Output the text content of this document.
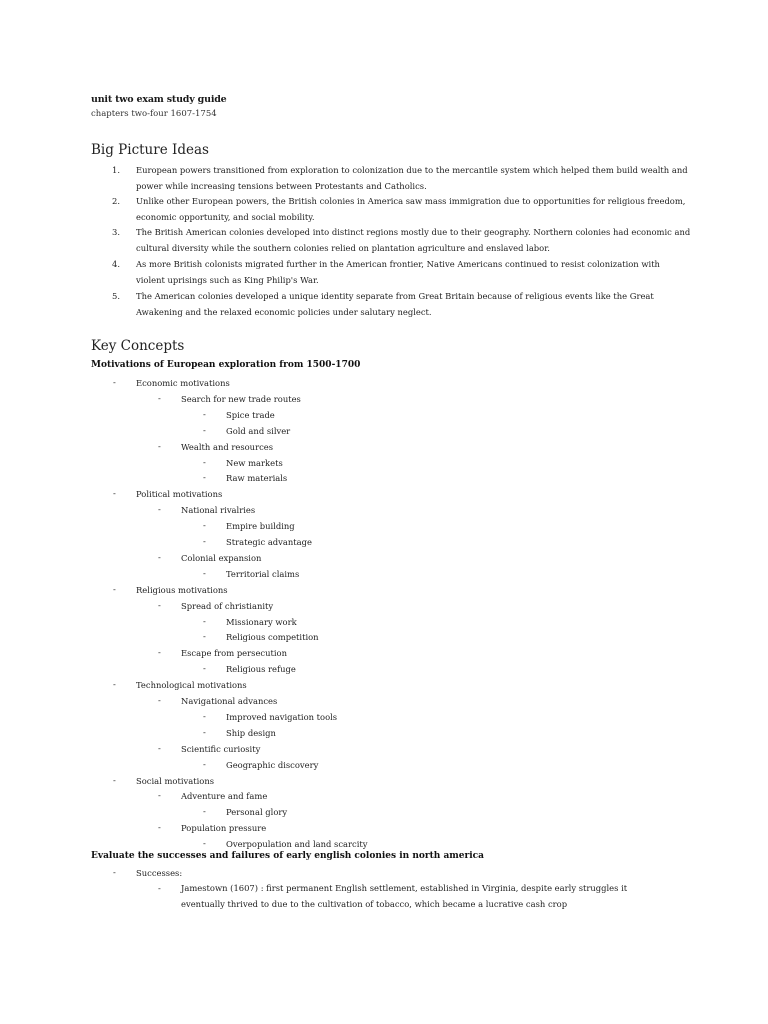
unit two exam study guide
chapters two-four 1607-1754
Big Picture Ideas
1. European powers transitioned from exploration to colonization due to the mercantile system which helped them build wealth and power while increasing tensions between Protestants and Catholics.
2. Unlike other European powers, the British colonies in America saw mass immigration due to opportunities for religious freedom, economic opportunity, and social mobility.
3. The British American colonies developed into distinct regions mostly due to their geography. Northern colonies had economic and cultural diversity while the southern colonies relied on plantation agriculture and enslaved labor.
4. As more British colonists migrated further in the American frontier, Native Americans continued to resist colonization with violent uprisings such as King Philip's War.
5. The American colonies developed a unique identity separate from Great Britain because of religious events like the Great Awakening and the relaxed economic policies under salutary neglect.
Key Concepts
Motivations of European exploration from 1500-1700
- Economic motivations
- Search for new trade routes
- Spice trade
- Gold and silver
- Wealth and resources
- New markets
- Raw materials
- Political motivations
- National rivalries
- Empire building
- Strategic advantage
- Colonial expansion
- Territorial claims
- Religious motivations
- Spread of christianity
- Missionary work
- Religious competition
- Escape from persecution
- Religious refuge
- Technological motivations
- Navigational advances
- Improved navigation tools
- Ship design
- Scientific curiosity
- Geographic discovery
- Social motivations
- Adventure and fame
- Personal glory
- Population pressure
- Overpopulation and land scarcity
Evaluate the successes and failures of early english colonies in north america
- Successes:
- Jamestown (1607) : first permanent English settlement, established in Virginia, despite early struggles it eventually thrived to due to the cultivation of tobacco, which became a lucrative cash crop
